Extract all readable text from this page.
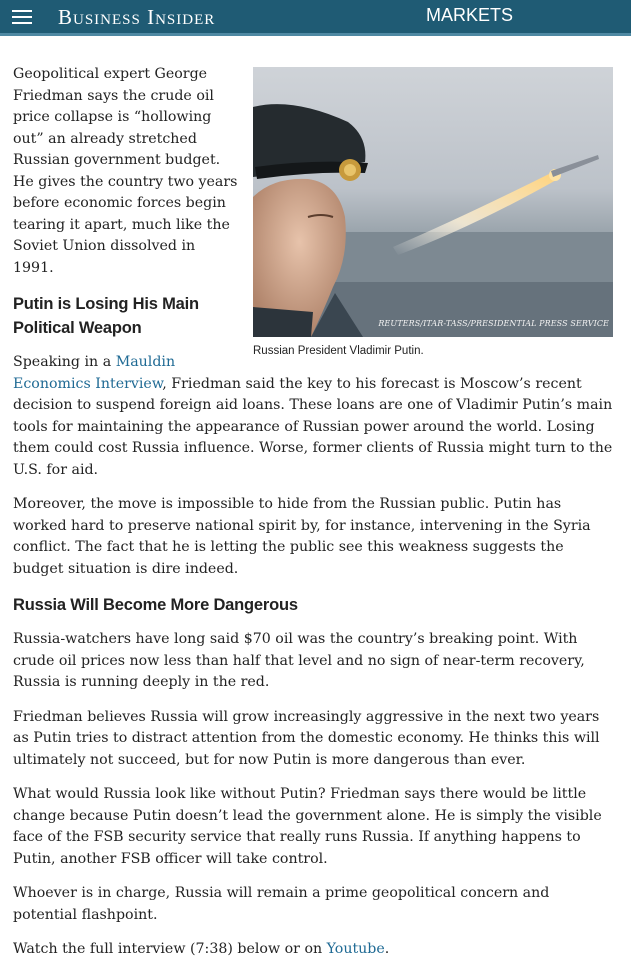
Business Insider	MARKETS
REUTERS/ITAR-TASS/PRESIDENTIAL PRESS SERVICE
Russian President Vladimir Putin.

Geopolitical expert George Friedman says the crude oil price collapse is “hollowing out” an already stretched Russian government budget. He gives the country two years before economic forces begin tearing it apart, much like the Soviet Union dissolved in 1991.

Putin is Losing His Main Political Weapon

Speaking in a Mauldin Economics Interview, Friedman said the key to his forecast is Moscow’s recent decision to suspend foreign aid loans. These loans are one of Vladimir Putin’s main tools for maintaining the appearance of Russian power around the world. Losing them could cost Russia influence. Worse, former clients of Russia might turn to the U.S. for aid.

Moreover, the move is impossible to hide from the Russian public. Putin has worked hard to preserve national spirit by, for instance, intervening in the Syria conflict. The fact that he is letting the public see this weakness suggests the budget situation is dire indeed.

Russia Will Become More Dangerous

Russia-watchers have long said $70 oil was the country’s breaking point. With crude oil prices now less than half that level and no sign of near-term recovery, Russia is running deeply in the red.

Friedman believes Russia will grow increasingly aggressive in the next two years as Putin tries to distract attention from the domestic economy. He thinks this will ultimately not succeed, but for now Putin is more dangerous than ever.

What would Russia look like without Putin? Friedman says there would be little change because Putin doesn’t lead the government alone. He is simply the visible face of the FSB security service that really runs Russia. If anything happens to Putin, another FSB officer will take control.

Whoever is in charge, Russia will remain a prime geopolitical concern and potential flashpoint.

Watch the full interview (7:38) below or on Youtube.
